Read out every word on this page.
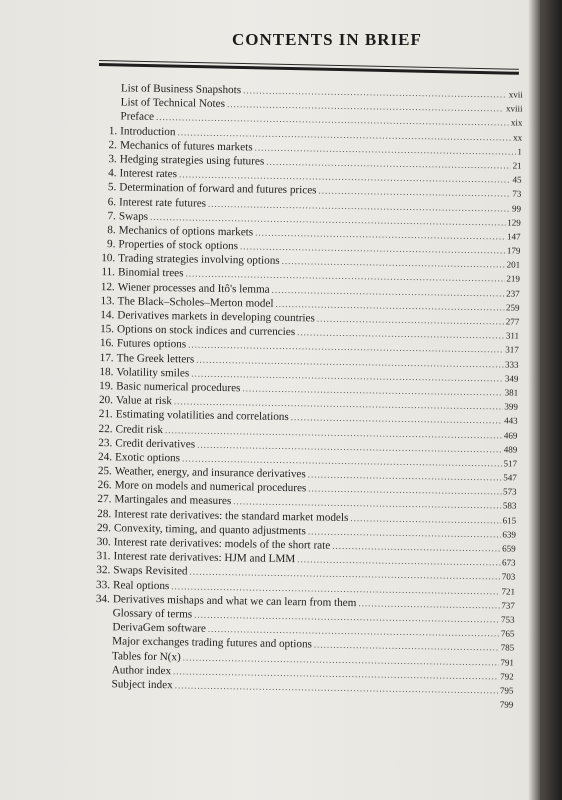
CONTENTS IN BRIEF
List of Business Snapshots .....	xvii
List of Technical Notes .....	xviii
Preface .....	xix
1. Introduction .....	xx
2. Mechanics of futures markets .....	1
3. Hedging strategies using futures .....	21
4. Interest rates .....	45
5. Determination of forward and futures prices .....	73
6. Interest rate futures .....	99
7. Swaps .....	129
8. Mechanics of options markets .....	147
9. Properties of stock options .....	179
10. Trading strategies involving options .....	201
11. Binomial trees .....	219
12. Wiener processes and Itô's lemma .....	237
13. The Black–Scholes–Merton model .....	259
14. Derivatives markets in developing countries .....	277
15. Options on stock indices and currencies .....	311
16. Futures options .....	317
17. The Greek letters .....	333
18. Volatility smiles .....	349
19. Basic numerical procedures .....	381
20. Value at risk .....	399
21. Estimating volatilities and correlations .....	443
22. Credit risk .....	469
23. Credit derivatives .....	489
24. Exotic options .....	517
25. Weather, energy, and insurance derivatives .....	547
26. More on models and numerical procedures .....	573
27. Martingales and measures .....	583
28. Interest rate derivatives: the standard market models .....	615
29. Convexity, timing, and quanto adjustments .....	639
30. Interest rate derivatives: models of the short rate .....	659
31. Interest rate derivatives: HJM and LMM .....	673
32. Swaps Revisited .....	703
33. Real options .....	721
34. Derivatives mishaps and what we can learn from them .....	737
Glossary of terms .....	753
DerivaGem software .....	765
Major exchanges trading futures and options .....	785
Tables for N(x) .....	791
Author index .....	792
Subject index .....	795
799
